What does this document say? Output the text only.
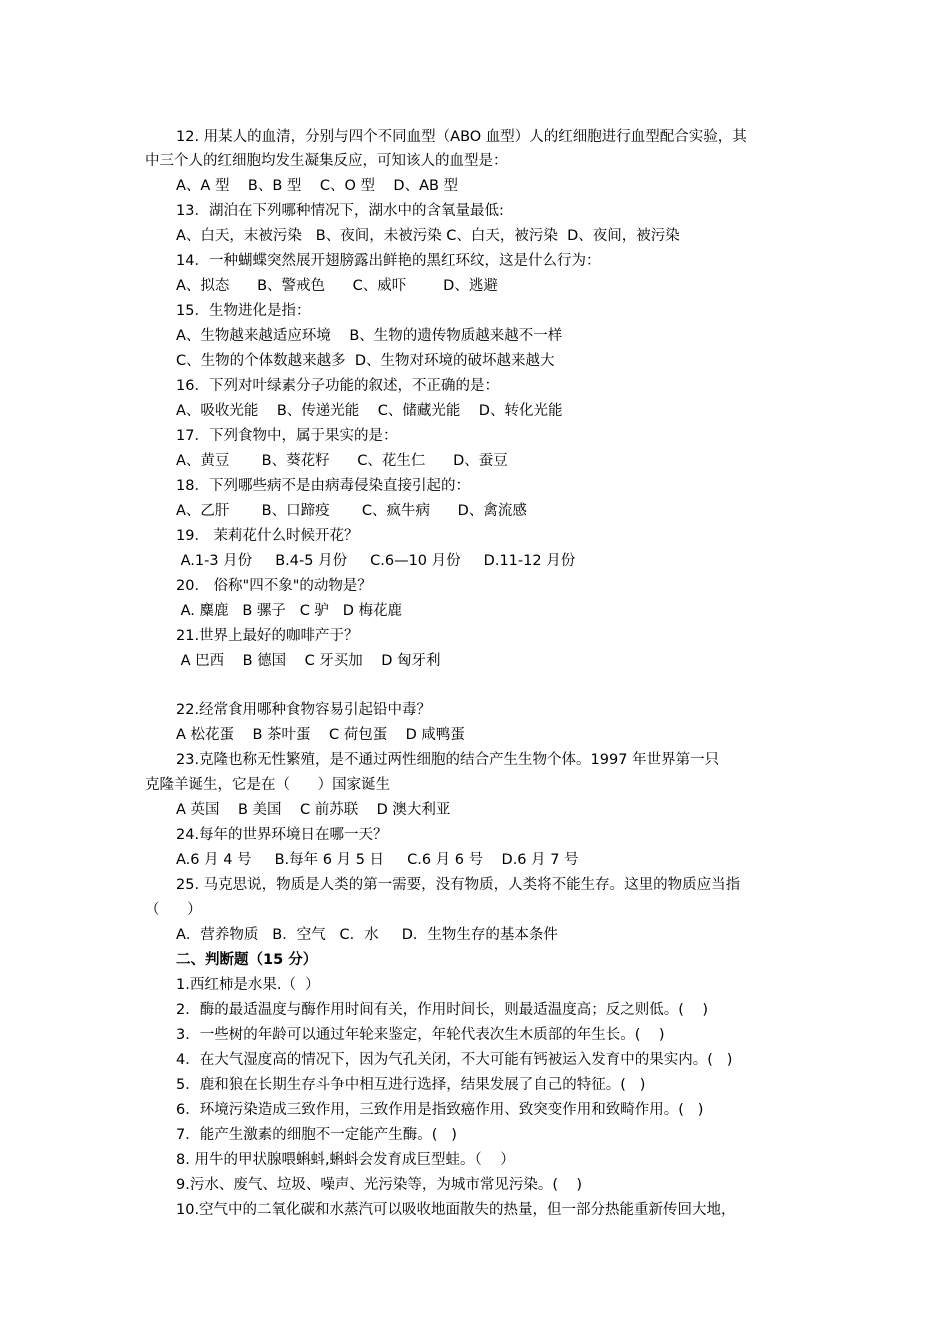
12. 用某人的血清，分别与四个不同血型（ABO 血型）人的红细胞进行血型配合实验，其
中三个人的红细胞均发生凝集反应，可知该人的血型是：
A、A 型    B、B 型    C、O 型    D、AB 型
13．湖泊在下列哪种情况下，湖水中的含氧量最低:
A、白天，末被污染   B、夜间，未被污染 C、白天，被污染  D、夜间，被污染
14．一种蝴蝶突然展开翅膀露出鲜艳的黑红环纹，这是什么行为：
A、拟态      B、警戒色      C、威吓        D、逃避
15．生物进化是指：
A、生物越来越适应环境    B、生物的遗传物质越来越不一样
C、生物的个体数越来越多  D、生物对环境的破坏越来越大
16．下列对叶绿素分子功能的叙述，不正确的是：
A、吸收光能    B、传递光能    C、储藏光能    D、转化光能
17．下列食物中，属于果实的是：
A、黄豆       B、葵花籽      C、花生仁      D、蚕豆
18．下列哪些病不是由病毒侵染直接引起的：
A、乙肝       B、口蹄疫       C、疯牛病      D、禽流感
19． 茉莉花什么时候开花？
A.1-3 月份     B.4-5 月份     C.6—10 月份     D.11-12 月份
20． 俗称"四不象"的动物是？
A. 麋鹿   B 骡子   C 驴   D 梅花鹿
21.世界上最好的咖啡产于？
A 巴西    B 德国    C 牙买加    D 匈牙利
22.经常食用哪种食物容易引起铅中毒？
A 松花蛋    B 茶叶蛋    C 荷包蛋    D 咸鸭蛋
23.克隆也称无性繁殖，是不通过两性细胞的结合产生生物个体。1997 年世界第一只
克隆羊诞生，它是在（      ）国家诞生
A 英国    B 美国    C 前苏联    D 澳大利亚
24.每年的世界环境日在哪一天？
A.6 月 4 号     B.每年 6 月 5 日     C.6 月 6 号    D.6 月 7 号
25. 马克思说，物质是人类的第一需要，没有物质，人类将不能生存。这里的物质应当指
（      ）
A．营养物质   B．空气   C．水     D．生物生存的基本条件
二、判断题（15 分）
1.西红柿是水果.（  ）
2．酶的最适温度与酶作用时间有关，作用时间长，则最适温度高；反之则低。(    )
3．一些树的年龄可以通过年轮来鉴定，年轮代表次生木质部的年生长。(    )
4．在大气湿度高的情况下，因为气孔关闭，不大可能有钙被运入发育中的果实内。(   )
5．鹿和狼在长期生存斗争中相互进行选择，结果发展了自己的特征。(   )
6．环境污染造成三致作用，三致作用是指致癌作用、致突变作用和致畸作用。(   )
7．能产生激素的细胞不一定能产生酶。(   )
8. 用牛的甲状腺喂蝌蚪,蝌蚪会发育成巨型蛙。（    ）
9.污水、废气、垃圾、噪声、光污染等，为城市常见污染。(    )
10.空气中的二氧化碳和水蒸汽可以吸收地面散失的热量，但一部分热能重新传回大地，
